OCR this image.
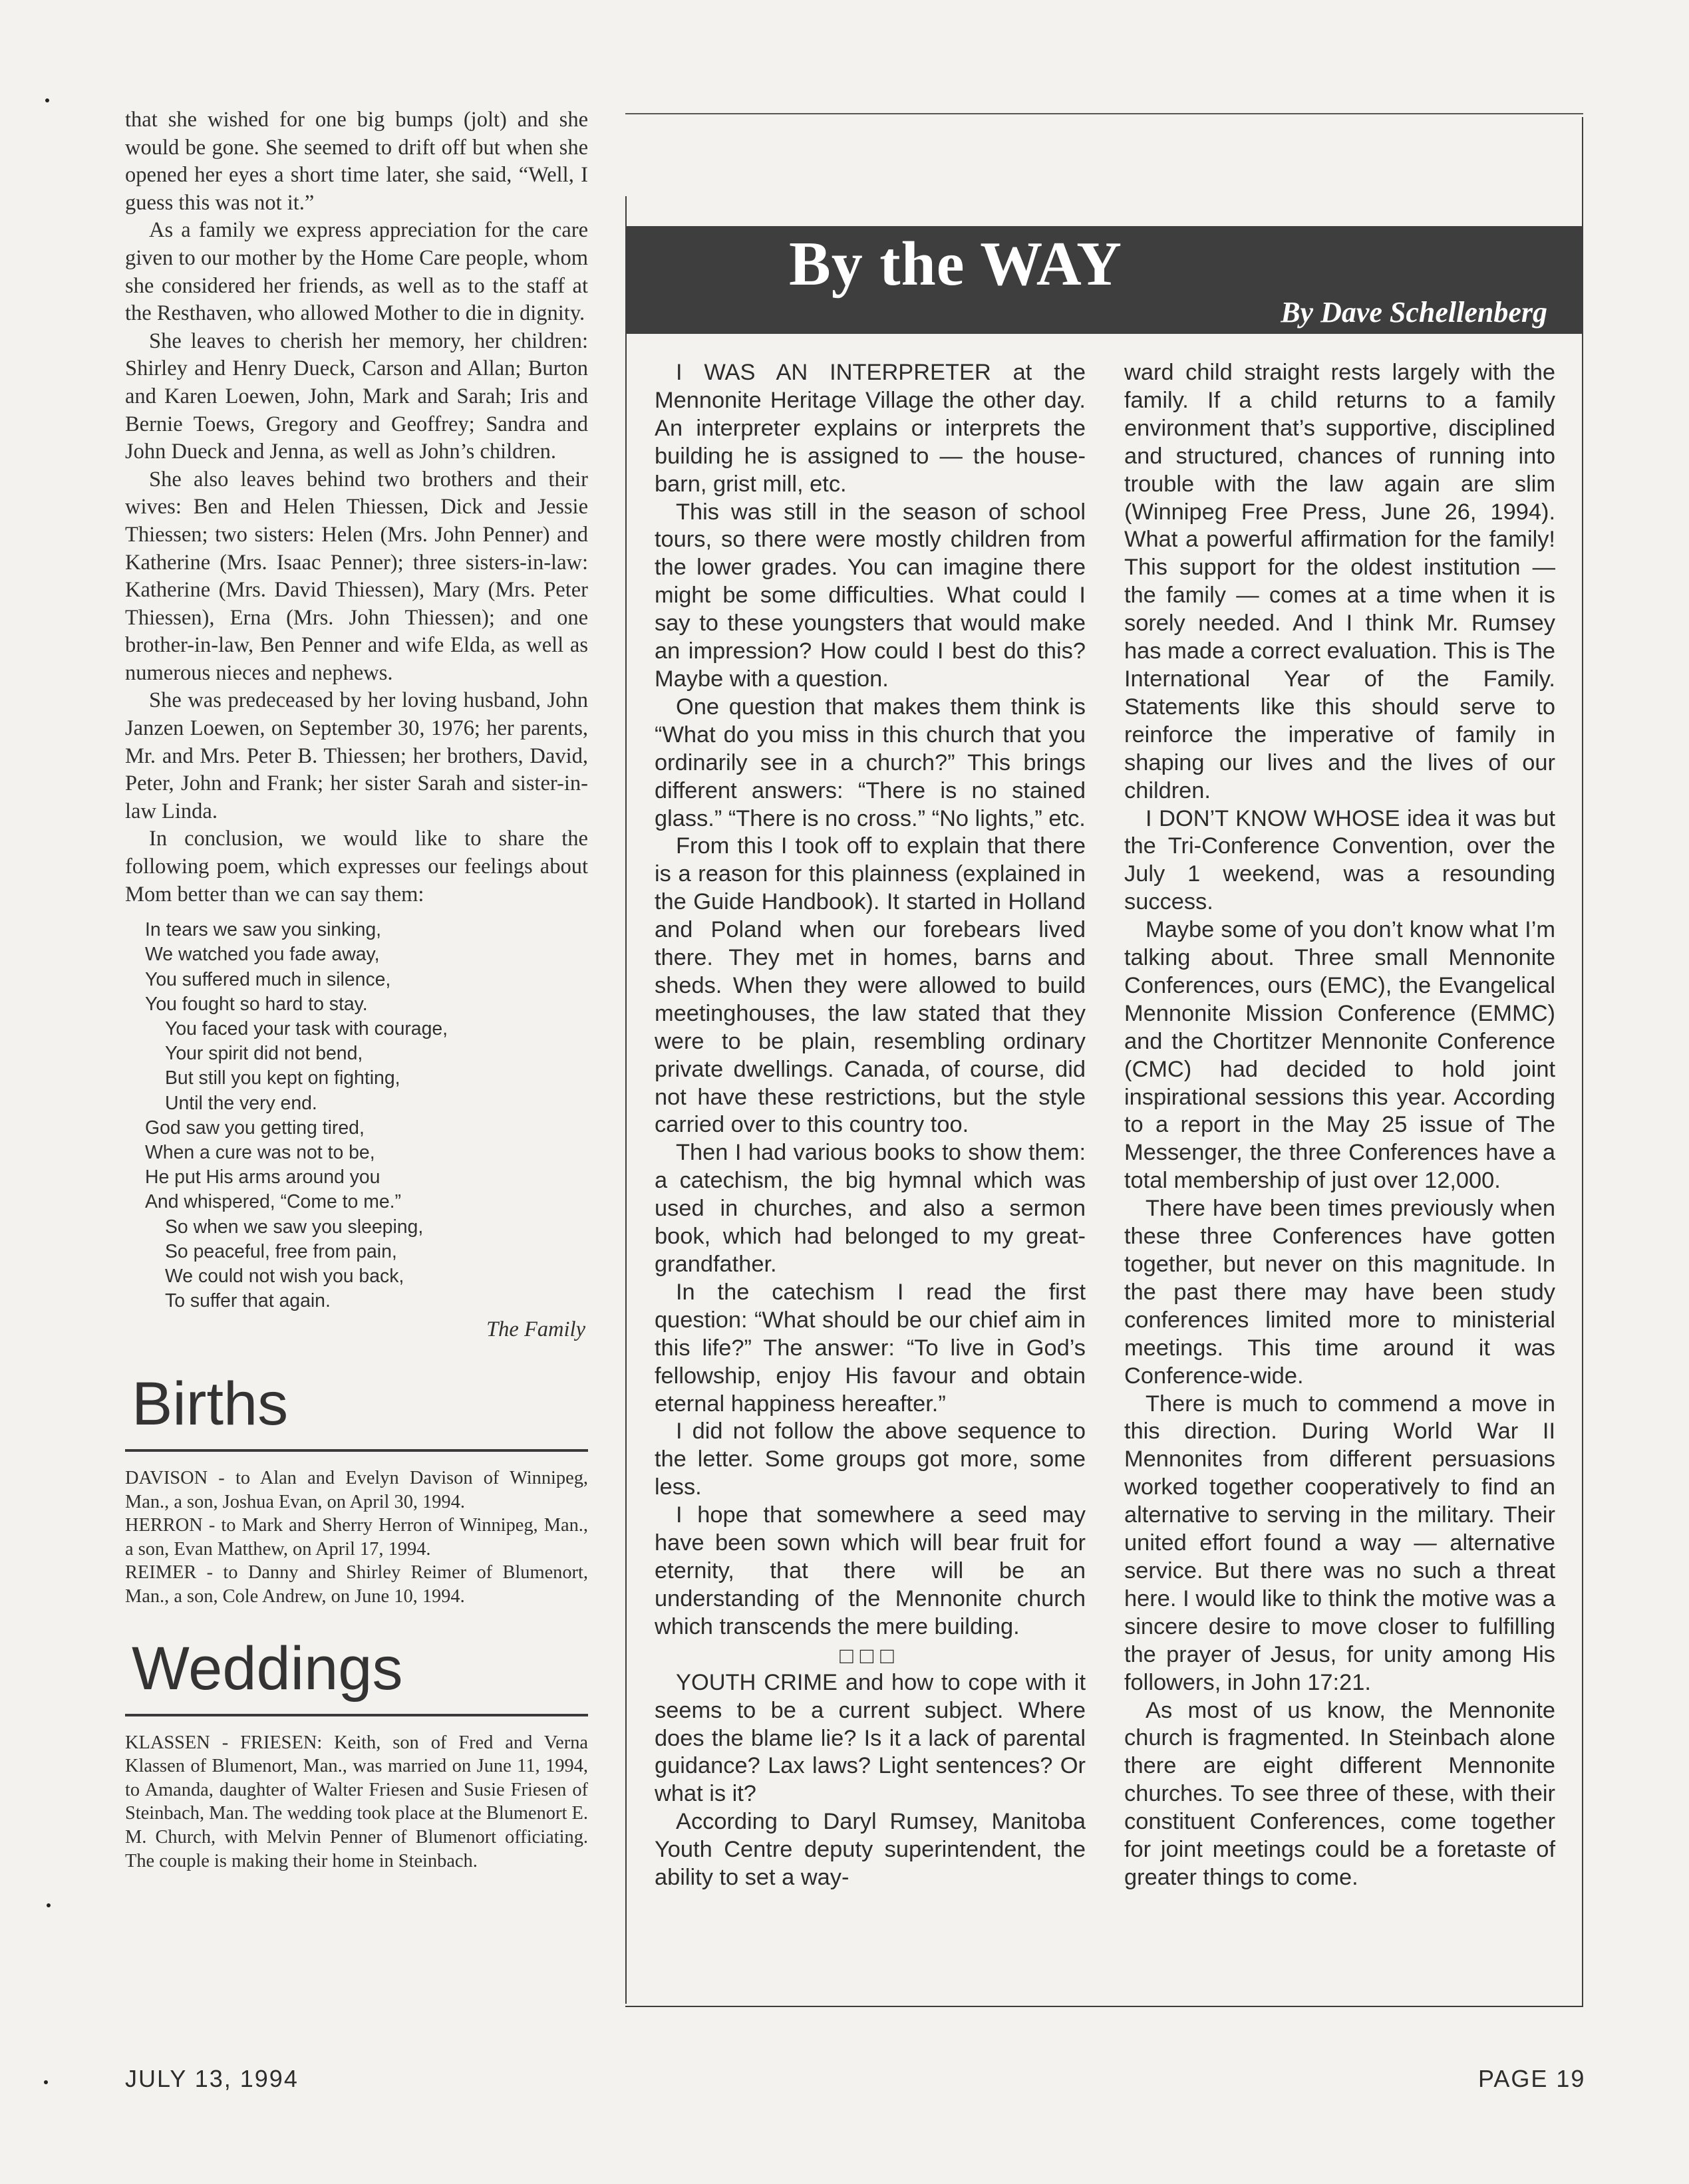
that she wished for one big bumps (jolt) and she would be gone. She seemed to drift off but when she opened her eyes a short time later, she said, “Well, I guess this was not it.”

As a family we express appreciation for the care given to our mother by the Home Care people, whom she considered her friends, as well as to the staff at the Resthaven, who allowed Mother to die in dignity.

She leaves to cherish her memory, her children: Shirley and Henry Dueck, Carson and Allan; Burton and Karen Loewen, John, Mark and Sarah; Iris and Bernie Toews, Gregory and Geoffrey; Sandra and John Dueck and Jenna, as well as John’s children.

She also leaves behind two brothers and their wives: Ben and Helen Thiessen, Dick and Jessie Thiessen; two sisters: Helen (Mrs. John Penner) and Katherine (Mrs. Isaac Penner); three sisters-in-law: Katherine (Mrs. David Thiessen), Mary (Mrs. Peter Thiessen), Erna (Mrs. John Thiessen); and one brother-in-law, Ben Penner and wife Elda, as well as numerous nieces and nephews.

She was predeceased by her loving husband, John Janzen Loewen, on September 30, 1976; her parents, Mr. and Mrs. Peter B. Thiessen; her brothers, David, Peter, John and Frank; her sister Sarah and sister-in-law Linda.

In conclusion, we would like to share the following poem, which expresses our feelings about Mom better than we can say them:

In tears we saw you sinking,
We watched you fade away,
You suffered much in silence,
You fought so hard to stay.
You faced your task with courage,
Your spirit did not bend,
But still you kept on fighting,
Until the very end.
God saw you getting tired,
When a cure was not to be,
He put His arms around you
And whispered, “Come to me.”
So when we saw you sleeping,
So peaceful, free from pain,
We could not wish you back,
To suffer that again.
The Family
Births

DAVISON - to Alan and Evelyn Davison of Winnipeg, Man., a son, Joshua Evan, on April 30, 1994.

HERRON - to Mark and Sherry Herron of Winnipeg, Man., a son, Evan Matthew, on April 17, 1994.

REIMER - to Danny and Shirley Reimer of Blumenort, Man., a son, Cole Andrew, on June 10, 1994.

Weddings

KLASSEN - FRIESEN: Keith, son of Fred and Verna Klassen of Blumenort, Man., was married on June 11, 1994, to Amanda, daughter of Walter Friesen and Susie Friesen of Steinbach, Man. The wedding took place at the Blumenort E. M. Church, with Melvin Penner of Blumenort officiating. The couple is making their home in Steinbach.

By the WAY
By Dave Schellenberg

I WAS AN INTERPRETER at the Mennonite Heritage Village the other day. An interpreter explains or interprets the building he is assigned to — the house-barn, grist mill, etc.

This was still in the season of school tours, so there were mostly children from the lower grades. You can imagine there might be some difficulties. What could I say to these youngsters that would make an impression? How could I best do this? Maybe with a question.

One question that makes them think is “What do you miss in this church that you ordinarily see in a church?” This brings different answers: “There is no stained glass.” “There is no cross.” “No lights,” etc.

From this I took off to explain that there is a reason for this plainness (explained in the Guide Handbook). It started in Holland and Poland when our forebears lived there. They met in homes, barns and sheds. When they were allowed to build meetinghouses, the law stated that they were to be plain, resembling ordinary private dwellings. Canada, of course, did not have these restrictions, but the style carried over to this country too.

Then I had various books to show them: a catechism, the big hymnal which was used in churches, and also a sermon book, which had belonged to my great-grandfather.

In the catechism I read the first question: “What should be our chief aim in this life?” The answer: “To live in God’s fellowship, enjoy His favour and obtain eternal happiness hereafter.”

I did not follow the above sequence to the letter. Some groups got more, some less.

I hope that somewhere a seed may have been sown which will bear fruit for eternity, that there will be an understanding of the Mennonite church which transcends the mere building.

□□□

YOUTH CRIME and how to cope with it seems to be a current subject. Where does the blame lie? Is it a lack of parental guidance? Lax laws? Light sentences? Or what is it?

According to Daryl Rumsey, Manitoba Youth Centre deputy superintendent, the ability to set a way-

ward child straight rests largely with the family. If a child returns to a family environment that’s supportive, disciplined and structured, chances of running into trouble with the law again are slim (Winnipeg Free Press, June 26, 1994). What a powerful affirmation for the family! This support for the oldest institution — the family — comes at a time when it is sorely needed. And I think Mr. Rumsey has made a correct evaluation. This is The International Year of the Family. Statements like this should serve to reinforce the imperative of family in shaping our lives and the lives of our children.

I DON’T KNOW WHOSE idea it was but the Tri-Conference Convention, over the July 1 weekend, was a resounding success.

Maybe some of you don’t know what I’m talking about. Three small Mennonite Conferences, ours (EMC), the Evangelical Mennonite Mission Conference (EMMC) and the Chortitzer Mennonite Conference (CMC) had decided to hold joint inspirational sessions this year. According to a report in the May 25 issue of The Messenger, the three Conferences have a total membership of just over 12,000.

There have been times previously when these three Conferences have gotten together, but never on this magnitude. In the past there may have been study conferences limited more to ministerial meetings. This time around it was Conference-wide.

There is much to commend a move in this direction. During World War II Mennonites from different persuasions worked together cooperatively to find an alternative to serving in the military. Their united effort found a way — alternative service. But there was no such a threat here. I would like to think the motive was a sincere desire to move closer to fulfilling the prayer of Jesus, for unity among His followers, in John 17:21.

As most of us know, the Mennonite church is fragmented. In Steinbach alone there are eight different Mennonite churches. To see three of these, with their constituent Conferences, come together for joint meetings could be a foretaste of greater things to come.

JULY 13, 1994	PAGE 19
